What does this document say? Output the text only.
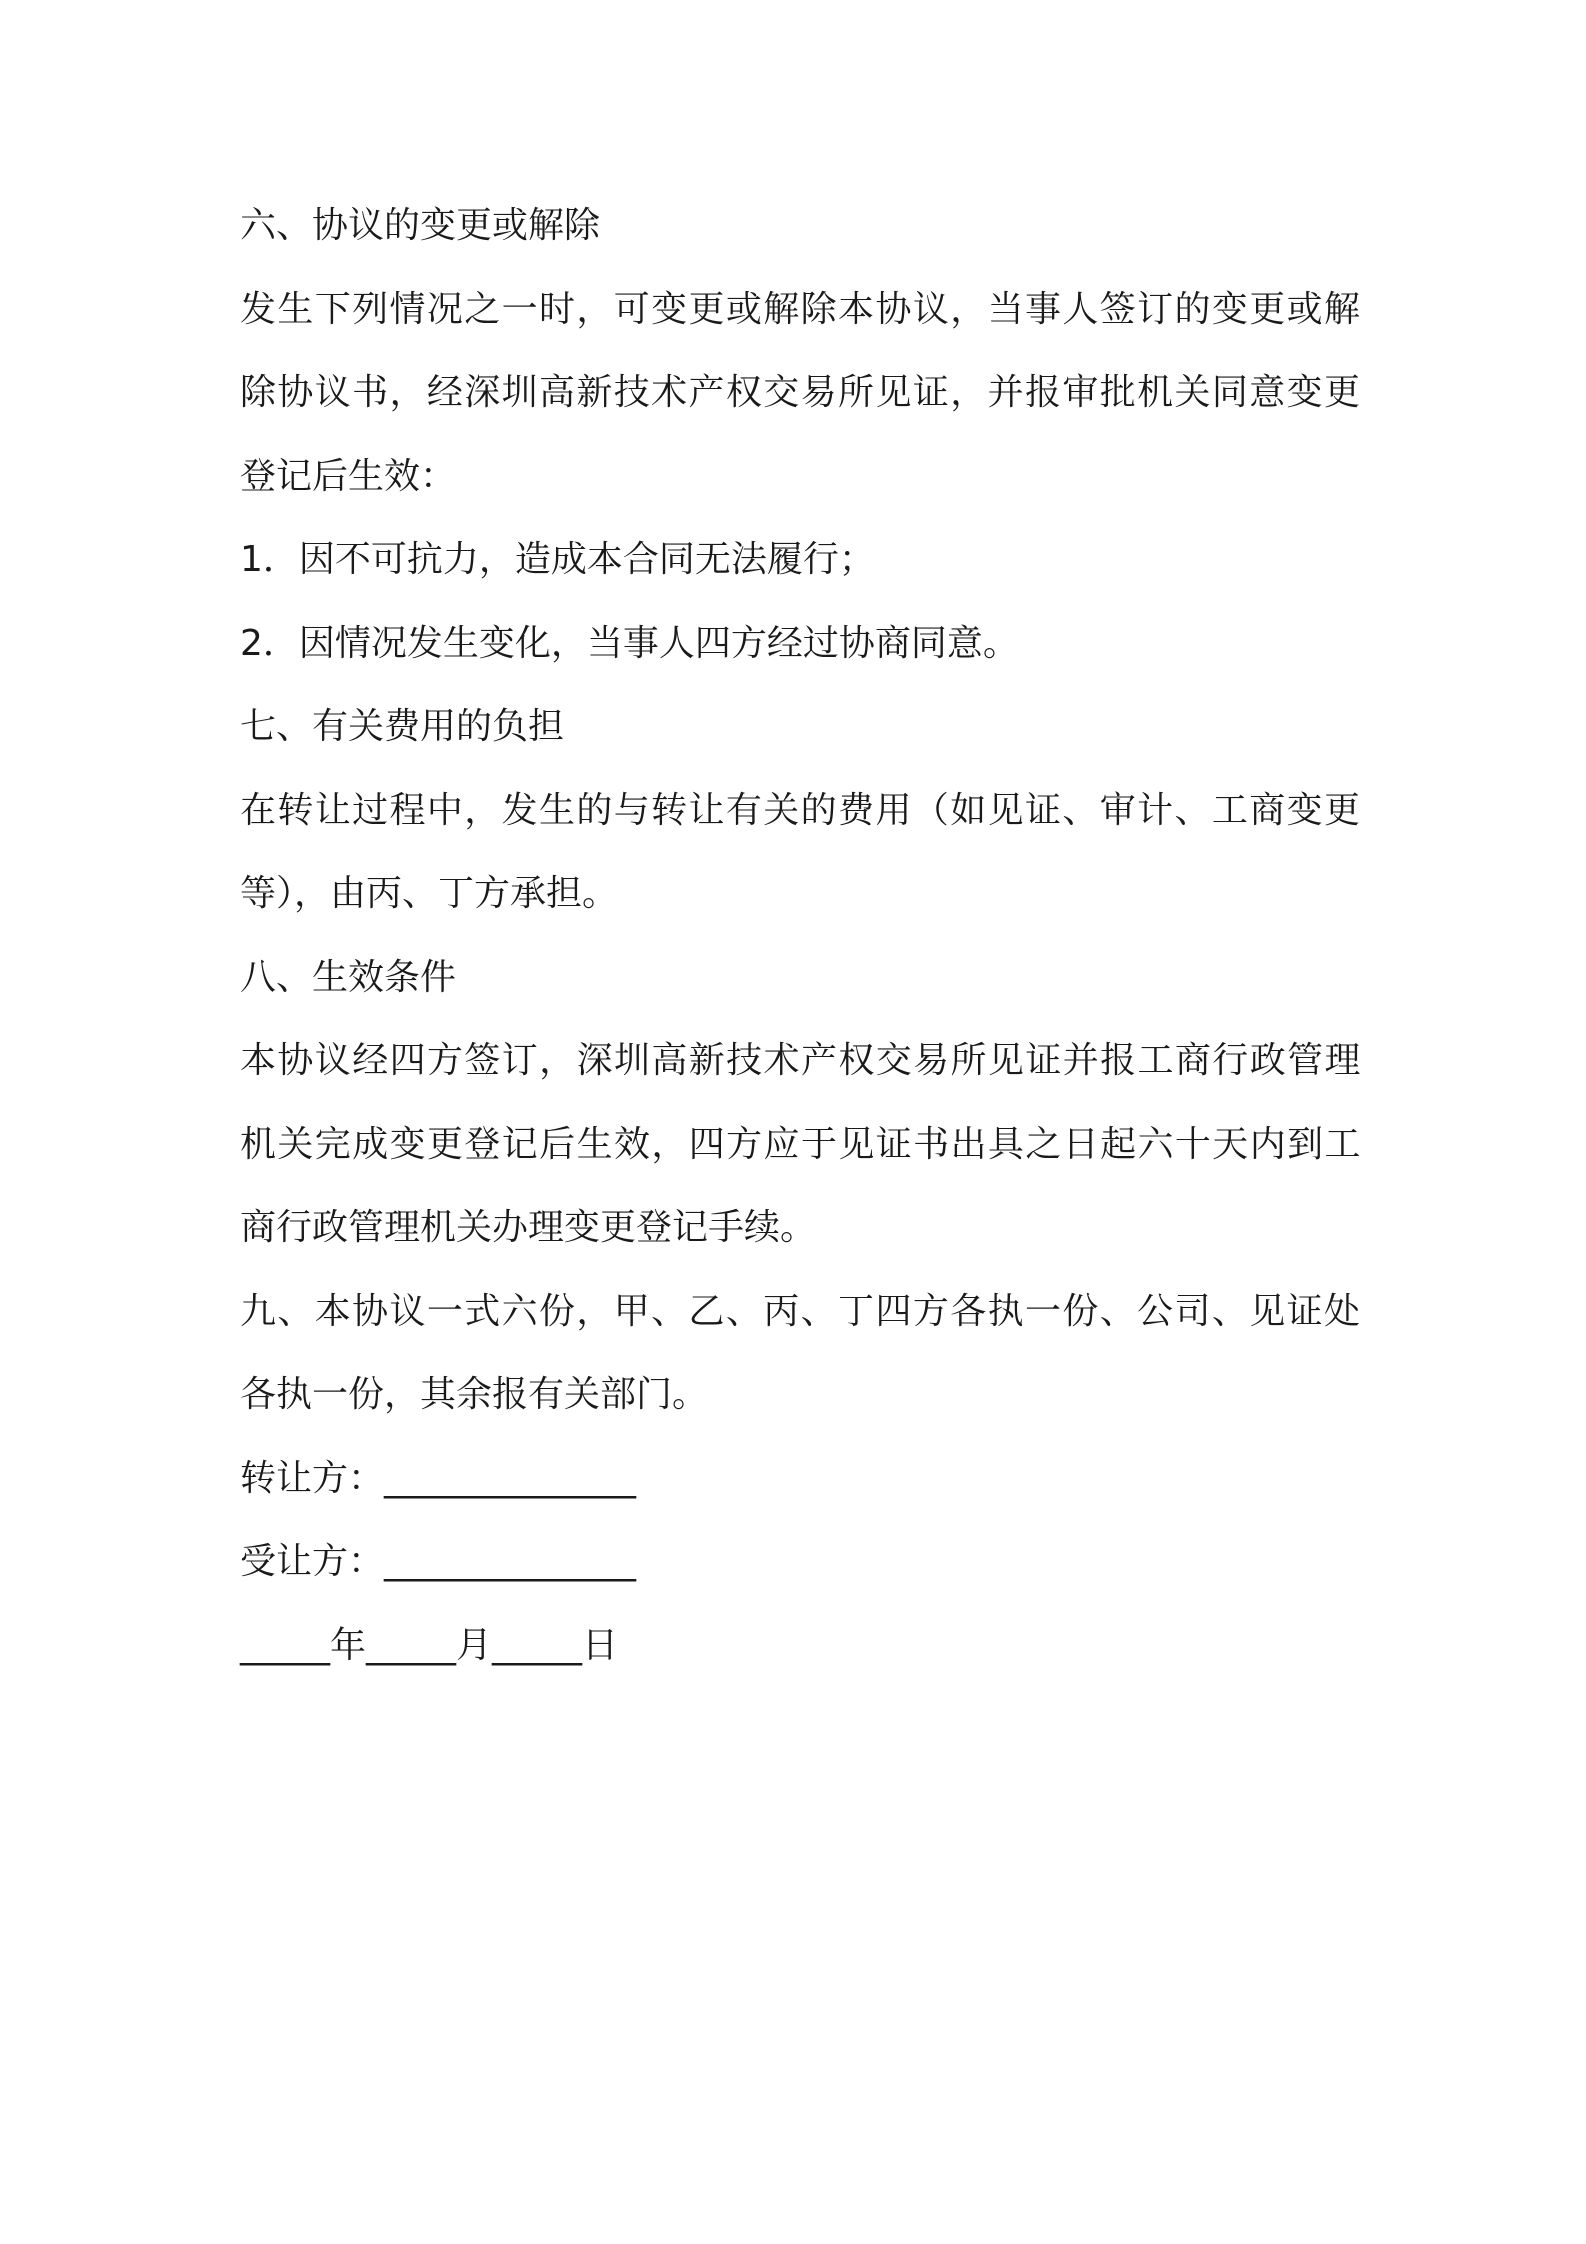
六、协议的变更或解除
发生下列情况之一时，可变更或解除本协议，当事人签订的变更或解
除协议书，经深圳高新技术产权交易所见证，并报审批机关同意变更
登记后生效：
1．因不可抗力，造成本合同无法履行；
2．因情况发生变化，当事人四方经过协商同意。
七、有关费用的负担
在转让过程中，发生的与转让有关的费用（如见证、审计、工商变更
等），由丙、丁方承担。
八、生效条件
本协议经四方签订，深圳高新技术产权交易所见证并报工商行政管理
机关完成变更登记后生效，四方应于见证书出具之日起六十天内到工
商行政管理机关办理变更登记手续。
九、本协议一式六份，甲、乙、丙、丁四方各执一份、公司、见证处
各执一份，其余报有关部门。
转让方：______________
受让方：______________
_____年_____月_____日
